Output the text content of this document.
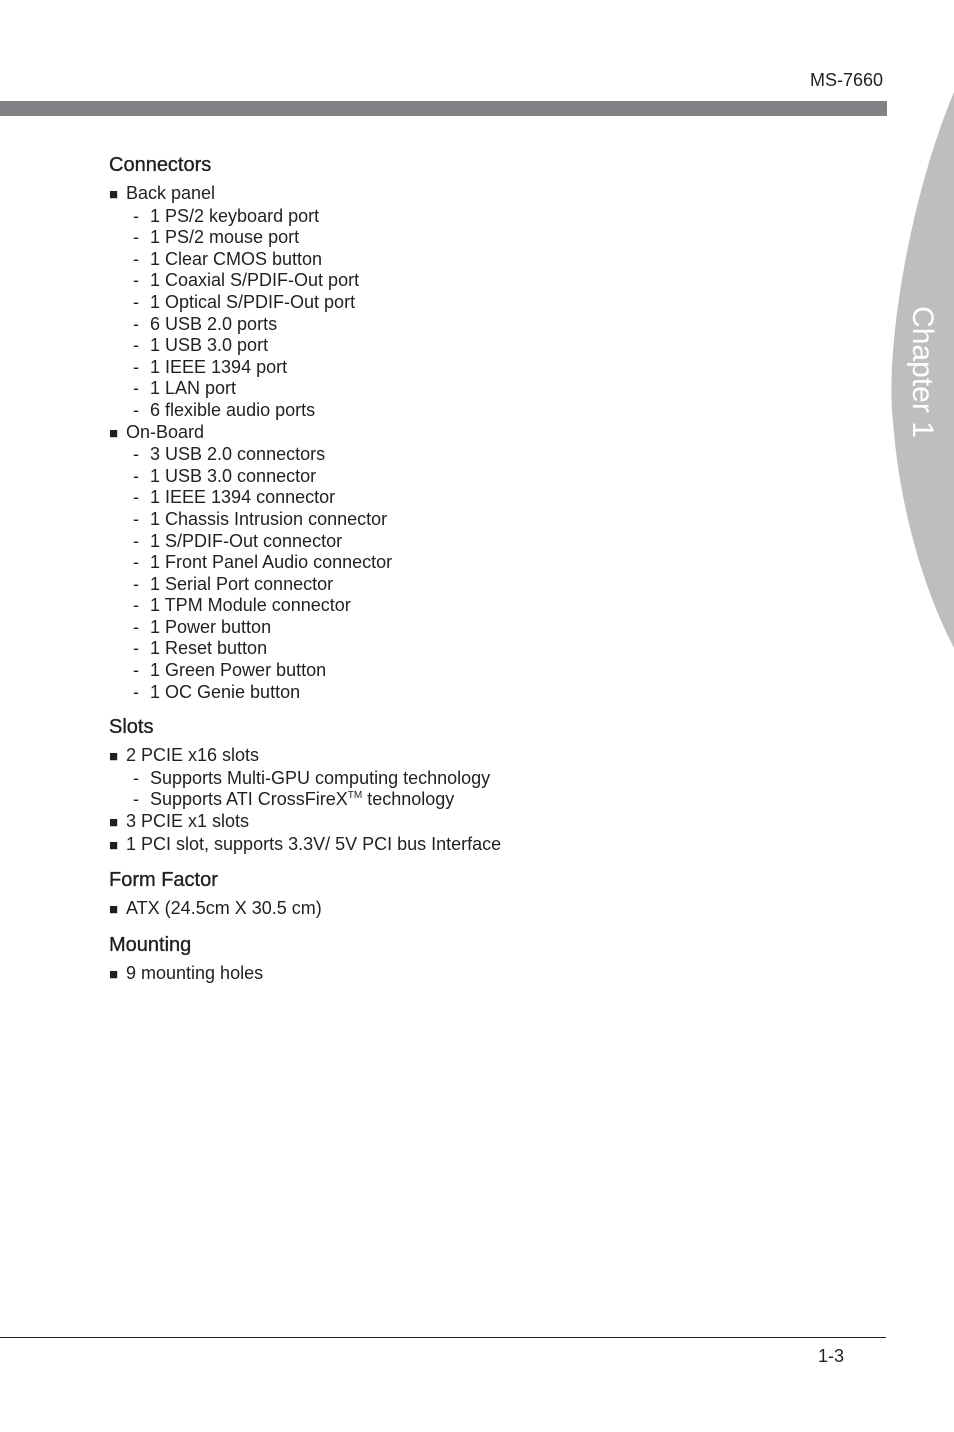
MS-7660
Chapter 1
Connectors
■ Back panel
- 1 PS/2 keyboard port
- 1 PS/2 mouse port
- 1 Clear CMOS button
- 1 Coaxial S/PDIF-Out port
- 1 Optical S/PDIF-Out port
- 6 USB 2.0 ports
- 1 USB 3.0 port
- 1 IEEE 1394 port
- 1 LAN port
- 6 flexible audio ports
■ On-Board
- 3 USB 2.0 connectors
- 1 USB 3.0 connector
- 1 IEEE 1394 connector
- 1 Chassis Intrusion connector
- 1 S/PDIF-Out connector
- 1 Front Panel Audio connector
- 1 Serial Port connector
- 1 TPM Module connector
- 1 Power button
- 1 Reset button
- 1 Green Power button
- 1 OC Genie button
Slots
■ 2 PCIE x16 slots
- Supports Multi-GPU computing technology
- Supports ATI CrossFireX™ technology
■ 3 PCIE x1 slots
■ 1 PCI slot, supports 3.3V/ 5V PCI bus Interface
Form Factor
■ ATX (24.5cm X 30.5 cm)
Mounting
■ 9 mounting holes
1-3
